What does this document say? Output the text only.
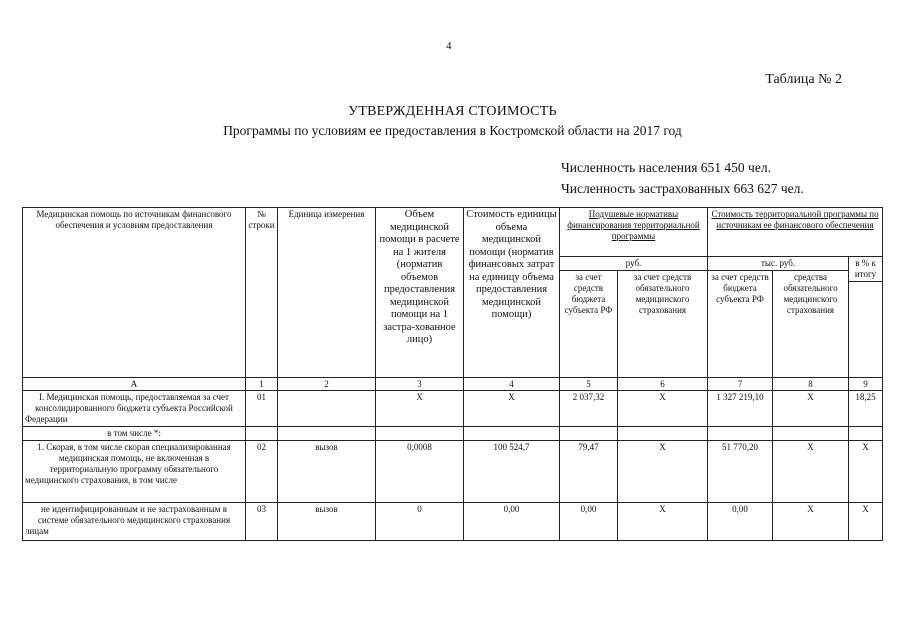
4
Таблица № 2
УТВЕРЖДЕННАЯ СТОИМОСТЬ
Программы по условиям ее предоставления в Костромской области на 2017 год
Численность населения 651 450 чел.
Численность застрахованных 663 627 чел.
Медицинская помощь по источникам финансового обеспечения и условиям предоставления	№ строки	Единица измерения	Объем медицинской помощи в расчете на 1 жителя (норматив объемов предоставления медицинской помощи на 1 застра-хованное лицо)	Стоимость единицы объема медицинской помощи (норматив финансовых затрат на единицу объема предоставления медицинской помощи)	Подушевые нормативы финансирования территориальной программы		Стоимость территориальной программы по источникам ее финансового обеспечения		
					руб.		тыс. руб.		в % к итогу
					за счет средств бюджета субъекта РФ	за счет средств обязательного медицинского страхования	за счет средств бюджета субъекта РФ	средства обязательного медицинского страхования	

А	1	2	3	4	5	6	7	8	9
I. Медицинская помощь, предоставляемая за счет консолидированного бюджета субъекта Российской Федерации	01		Х	Х	2 037,32	Х	1 327 219,10	Х	18,25
в том числе *:									
1. Скорая, в том числе скорая специализированная медицинская помощь, не включенная в территориальную программу обязательного медицинского страхования, в том числе	02	вызов	0,0008	100 524,7	79,47	Х	51 770,20	Х	Х
не идентифицированным и не застрахованным в системе обязательного медицинского страхования лицам	03	вызов	0	0,00	0,00	Х	0,00	Х	Х
